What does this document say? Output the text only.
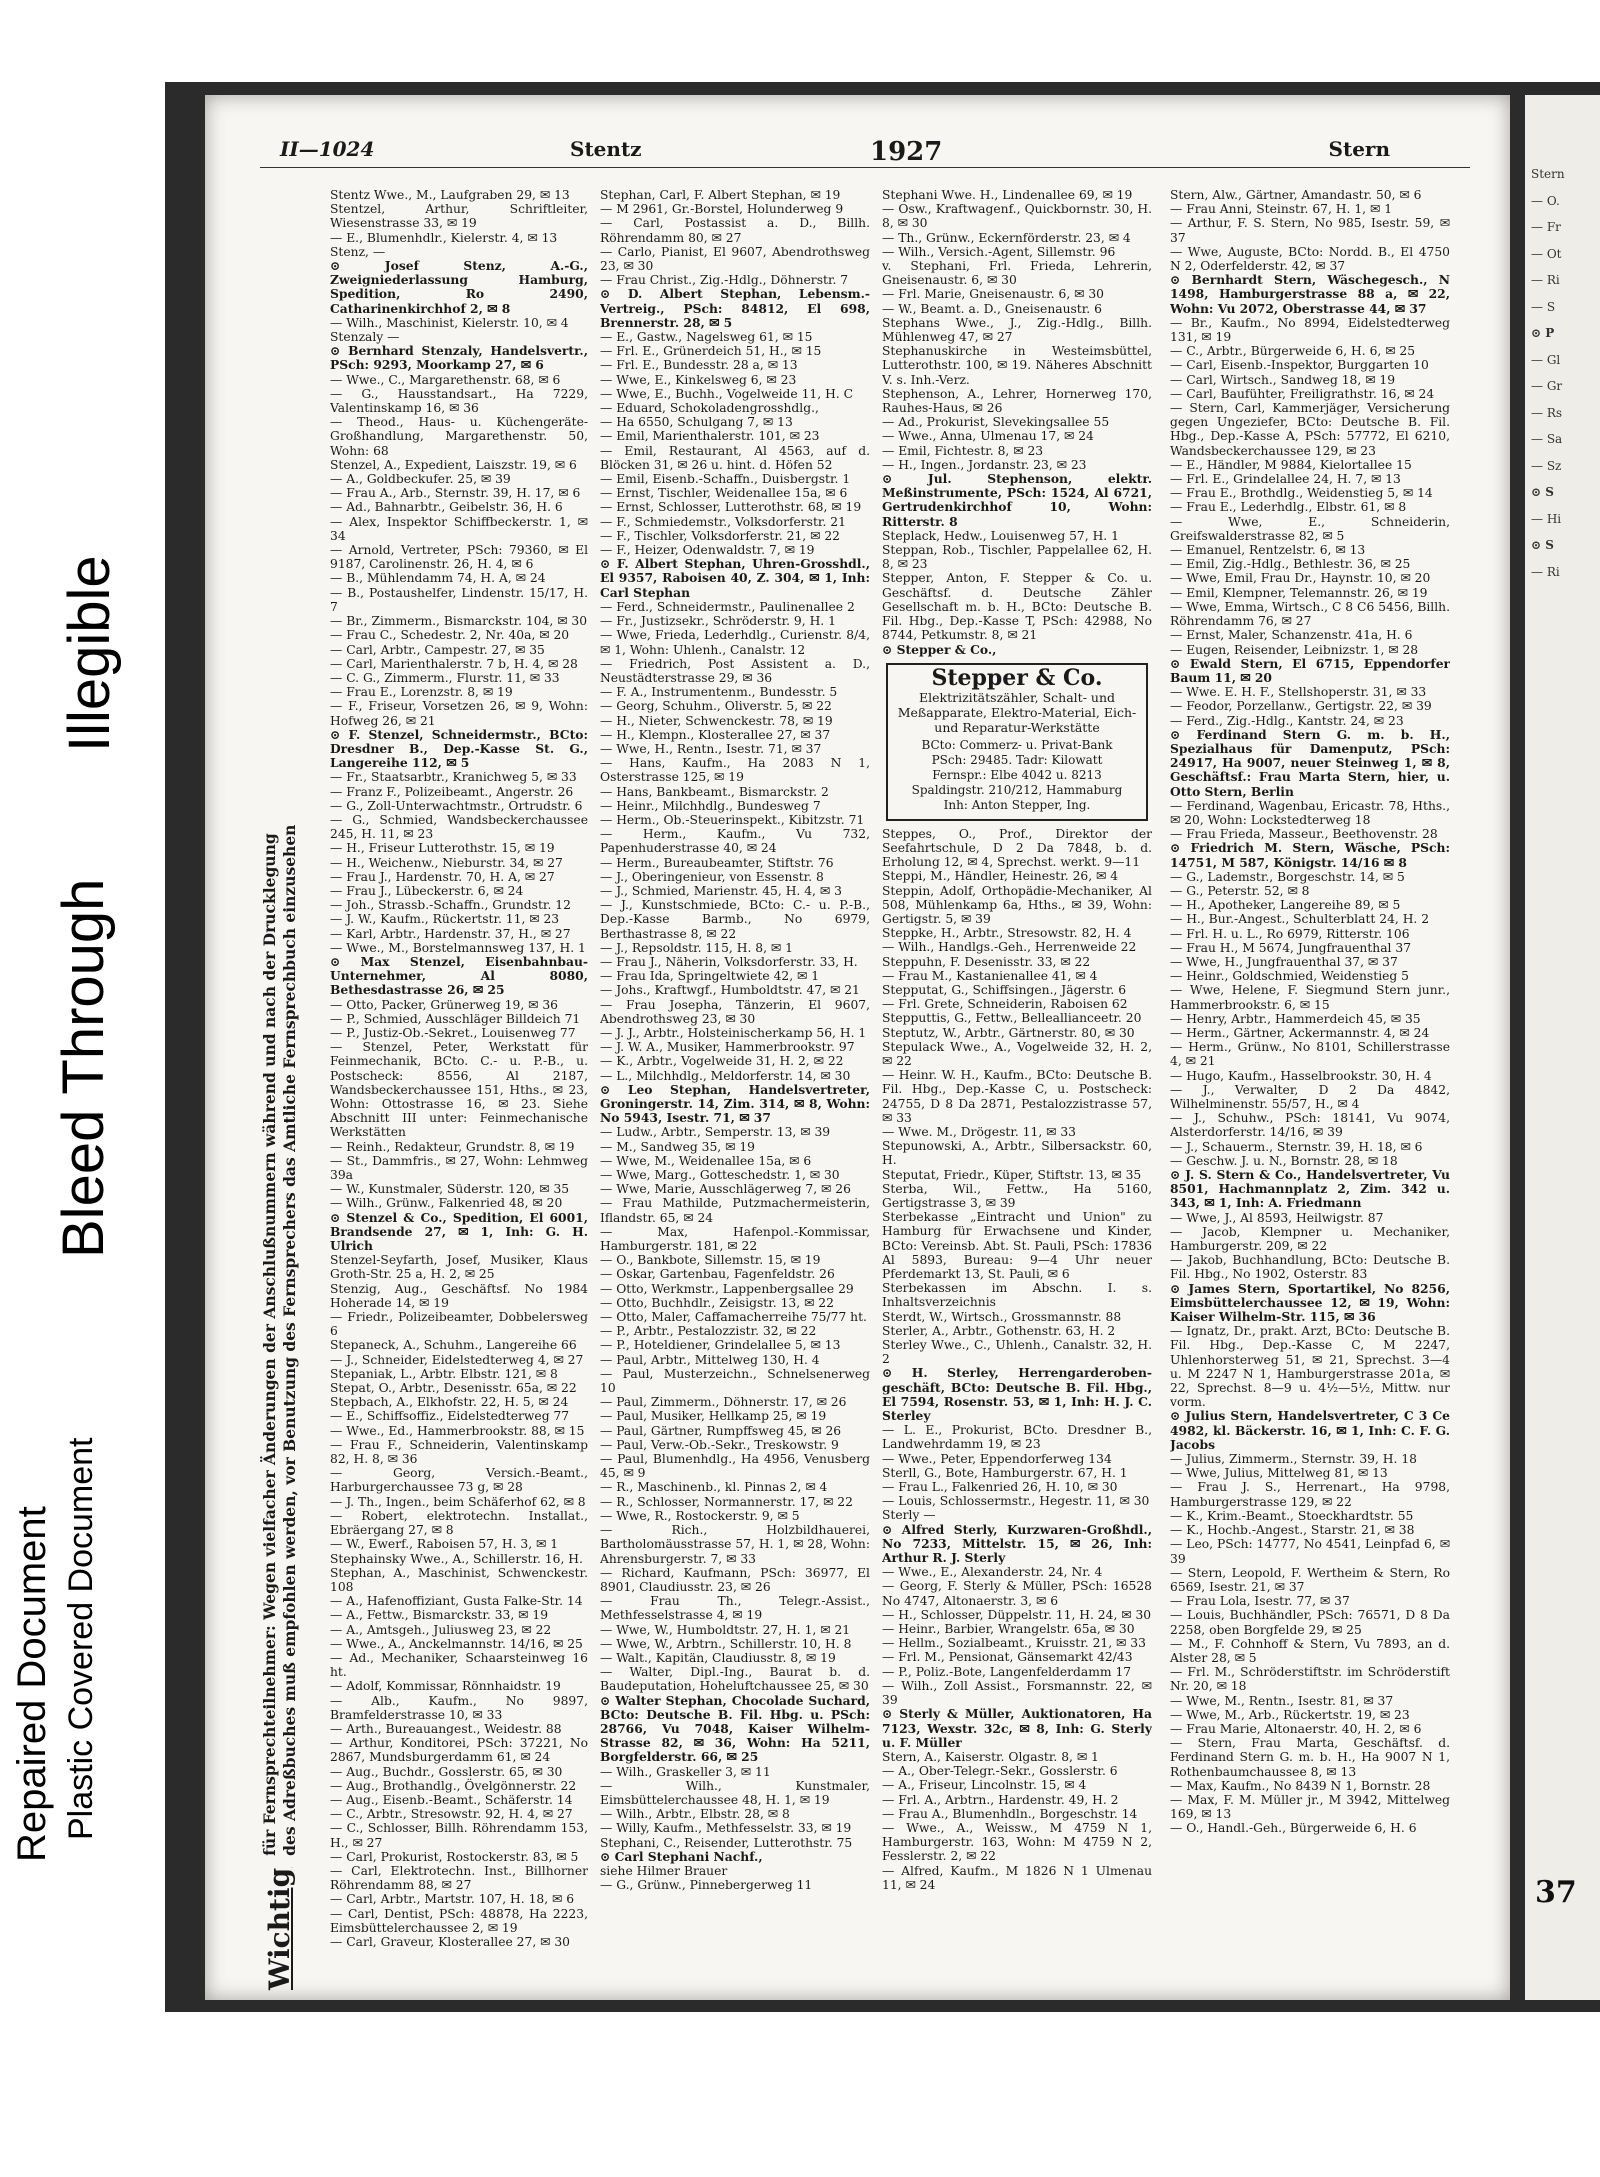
Repaired Document Plastic Covered Document
Bleed Through
Illegible
II—1024	Stentz	1927	Stern
Wichtigfür Fernsprechteilnehmer: Wegen vielfacher Änderungen der Anschlußnummern während und nach der Drucklegung
des Adreßbuches muß empfohlen werden, vor Benutzung des Fernsprechers das Amtliche Fernsprechbuch einzusehen

Stentz Wwe., M., Laufgraben 29, ✉ 13

Stentzel, Arthur, Schriftleiter, Wiesenstrasse 33, ✉ 19

— E., Blumenhdlr., Kielerstr. 4, ✉ 13

Stenz, —

⊙ Josef Stenz, A.-G., Zweigniederlassung Hamburg, Spedition, Ro 2490, Catharinenkirchhof 2, ✉ 8

— Wilh., Maschinist, Kielerstr. 10, ✉ 4

Stenzaly —

⊙ Bernhard Stenzaly, Handelsvertr., PSch: 9293, Moorkamp 27, ✉ 6

— Wwe., C., Margarethenstr. 68, ✉ 6

— G., Hausstandsart., Ha 7229, Valentinskamp 16, ✉ 36

— Theod., Haus- u. Küchengeräte-Großhandlung, Margarethenstr. 50, Wohn: 68

Stenzel, A., Expedient, Laiszstr. 19, ✉ 6

— A., Goldbeckufer. 25, ✉ 39

— Frau A., Arb., Sternstr. 39, H. 17, ✉ 6

— Ad., Bahnarbtr., Geibelstr. 36, H. 6

— Alex, Inspektor Schiffbeckerstr. 1, ✉ 34

— Arnold, Vertreter, PSch: 79360, ✉ El 9187, Carolinenstr. 26, H. 4, ✉ 6

— B., Mühlendamm 74, H. A, ✉ 24

— B., Postaushelfer, Lindenstr. 15/17, H. 7

— Br., Zimmerm., Bismarckstr. 104, ✉ 30

— Frau C., Schedestr. 2, Nr. 40a, ✉ 20

— Carl, Arbtr., Campestr. 27, ✉ 35

— Carl, Marienthalerstr. 7 b, H. 4, ✉ 28

— C. G., Zimmerm., Flurstr. 11, ✉ 33

— Frau E., Lorenzstr. 8, ✉ 19

— F., Friseur, Vorsetzen 26, ✉ 9, Wohn: Hofweg 26, ✉ 21

⊙ F. Stenzel, Schneidermstr., BCto: Dresdner B., Dep.-Kasse St. G., Langereihe 112, ✉ 5

— Fr., Staatsarbtr., Kranichweg 5, ✉ 33

— Franz F., Polizeibeamt., Angerstr. 26

— G., Zoll-Unterwachtmstr., Ortrudstr. 6

— G., Schmied, Wandsbeckerchaussee 245, H. 11, ✉ 23

— H., Friseur Lutterothstr. 15, ✉ 19

— H., Weichenw., Nieburstr. 34, ✉ 27

— Frau J., Hardenstr. 70, H. A, ✉ 27

— Frau J., Lübeckerstr. 6, ✉ 24

— Joh., Strassb.-Schaffn., Grundstr. 12

— J. W., Kaufm., Rückertstr. 11, ✉ 23

— Karl, Arbtr., Hardenstr. 37, H., ✉ 27

— Wwe., M., Borstelmannsweg 137, H. 1

⊙ Max Stenzel, Eisenbahnbau-Unternehmer, Al 8080, Bethesdastrasse 26, ✉ 25

— Otto, Packer, Grünerweg 19, ✉ 36

— P., Schmied, Ausschläger Billdeich 71

— P., Justiz-Ob.-Sekret., Louisenweg 77

— Stenzel, Peter, Werkstatt für Feinmechanik, BCto. C.- u. P.-B., u. Postscheck: 8556, Al 2187, Wandsbeckerchaussee 151, Hths., ✉ 23, Wohn: Ottostrasse 16, ✉ 23. Siehe Abschnitt III unter: Feinmechanische Werkstätten

— Reinh., Redakteur, Grundstr. 8, ✉ 19

— St., Dammfris., ✉ 27, Wohn: Lehmweg 39a

— W., Kunstmaler, Süderstr. 120, ✉ 35

— Wilh., Grünw., Falkenried 48, ✉ 20

⊙ Stenzel & Co., Spedition, El 6001, Brandsende 27, ✉ 1, Inh: G. H. Ulrich

Stenzel-Seyfarth, Josef, Musiker, Klaus Groth-Str. 25 a, H. 2, ✉ 25

Stenzig, Aug., Geschäftsf. No 1984 Hoherade 14, ✉ 19

— Friedr., Polizeibeamter, Dobbelersweg 6

Stepaneck, A., Schuhm., Langereihe 66

— J., Schneider, Eidelstedterweg 4, ✉ 27

Stepaniak, L., Arbtr. Elbstr. 121, ✉ 8

Stepat, O., Arbtr., Desenisstr. 65a, ✉ 22

Stepbach, A., Elkhofstr. 22, H. 5, ✉ 24

— E., Schiffsoffiz., Eidelstedterweg 77

— Wwe., Ed., Hammerbrookstr. 88, ✉ 15

— Frau F., Schneiderin, Valentinskamp 82, H. 8, ✉ 36

— Georg, Versich.-Beamt., Harburgerchaussee 73 g, ✉ 28

— J. Th., Ingen., beim Schäferhof 62, ✉ 8

— Robert, elektrotechn. Installat., Ebräergang 27, ✉ 8

— W., Ewerf., Raboisen 57, H. 3, ✉ 1

Stephainsky Wwe., A., Schillerstr. 16, H.

Stephan, A., Maschinist, Schwenckestr. 108

— A., Hafenoffiziant, Gusta Falke-Str. 14

— A., Fettw., Bismarckstr. 33, ✉ 19

— A., Amtsgeh., Juliusweg 23, ✉ 22

— Wwe., A., Anckelmannstr. 14/16, ✉ 25

— Ad., Mechaniker, Schaarsteinweg 16 ht.

— Adolf, Kommissar, Rönnhaidstr. 19

— Alb., Kaufm., No 9897, Bramfelderstrasse 10, ✉ 33

— Arth., Bureauangest., Weidestr. 88

— Arthur, Konditorei, PSch: 37221, No 2867, Mundsburgerdamm 61, ✉ 24

— Aug., Buchdr., Gosslerstr. 65, ✉ 30

— Aug., Brothandlg., Övelgönnerstr. 22

— Aug., Eisenb.-Beamt., Schäferstr. 14

— C., Arbtr., Stresowstr. 92, H. 4, ✉ 27

— C., Schlosser, Billh. Röhrendamm 153, H., ✉ 27

— Carl, Prokurist, Rostockerstr. 83, ✉ 5

— Carl, Elektrotechn. Inst., Billhorner Röhrendamm 88, ✉ 27

— Carl, Arbtr., Martstr. 107, H. 18, ✉ 6

— Carl, Dentist, PSch: 48878, Ha 2223, Eimsbüttelerchaussee 2, ✉ 19

— Carl, Graveur, Klosterallee 27, ✉ 30

Stephan, Carl, F. Albert Stephan, ✉ 19

— M 2961, Gr.-Borstel, Holunderweg 9

— Carl, Postassist a. D., Billh. Röhrendamm 80, ✉ 27

— Carlo, Pianist, El 9607, Abendrothsweg 23, ✉ 30

— Frau Christ., Zig.-Hdlg., Döhnerstr. 7

⊙ D. Albert Stephan, Lebensm.-Vertreig., PSch: 84812, El 698, Brennerstr. 28, ✉ 5

— E., Gastw., Nagelsweg 61, ✉ 15

— Frl. E., Grünerdeich 51, H., ✉ 15

— Frl. E., Bundesstr. 28 a, ✉ 13

— Wwe, E., Kinkelsweg 6, ✉ 23

— Wwe, E., Buchh., Vogelweide 11, H. C

— Eduard, Schokoladengrosshdlg.,

— Ha 6550, Schulgang 7, ✉ 13

— Emil, Marienthalerstr. 101, ✉ 23

— Emil, Restaurant, Al 4563, auf d. Blöcken 31, ✉ 26 u. hint. d. Höfen 52

— Emil, Eisenb.-Schaffn., Duisbergstr. 1

— Ernst, Tischler, Weidenallee 15a, ✉ 6

— Ernst, Schlosser, Lutterothstr. 68, ✉ 19

— F., Schmiedemstr., Volksdorferstr. 21

— F., Tischler, Volksdorferstr. 21, ✉ 22

— F., Heizer, Odenwaldstr. 7, ✉ 19

⊙ F. Albert Stephan, Uhren-Grosshdl., El 9357, Raboisen 40, Z. 304, ✉ 1, Inh: Carl Stephan

— Ferd., Schneidermstr., Paulinenallee 2

— Fr., Justizsekr., Schröderstr. 9, H. 1

— Wwe, Frieda, Lederhdlg., Curienstr. 8/4, ✉ 1, Wohn: Uhlenh., Canalstr. 12

— Friedrich, Post Assistent a. D., Neustädterstrasse 29, ✉ 36

— F. A., Instrumentenm., Bundesstr. 5

— Georg, Schuhm., Oliverstr. 5, ✉ 22

— H., Nieter, Schwenckestr. 78, ✉ 19

— H., Klempn., Klosterallee 27, ✉ 37

— Wwe, H., Rentn., Isestr. 71, ✉ 37

— Hans, Kaufm., Ha 2083 N 1, Osterstrasse 125, ✉ 19

— Hans, Bankbeamt., Bismarckstr. 2

— Heinr., Milchhdlg., Bundesweg 7

— Herm., Ob.-Steuerinspekt., Kibitzstr. 71

— Herm., Kaufm., Vu 732, Papenhuderstrasse 40, ✉ 24

— Herm., Bureaubeamter, Stiftstr. 76

— J., Oberingenieur, von Essenstr. 8

— J., Schmied, Marienstr. 45, H. 4, ✉ 3

— J., Kunstschmiede, BCto: C.- u. P.-B., Dep.-Kasse Barmb., No 6979, Berthastrasse 8, ✉ 22

— J., Repsoldstr. 115, H. 8, ✉ 1

— Frau J., Näherin, Volksdorferstr. 33, H.

— Frau Ida, Springeltwiete 42, ✉ 1

— Johs., Kraftwgf., Humboldtstr. 47, ✉ 21

— Frau Josepha, Tänzerin, El 9607, Abendrothsweg 23, ✉ 30

— J. J., Arbtr., Holsteinischerkamp 56, H. 1

— J. W. A., Musiker, Hammerbrookstr. 97

— K., Arbtr., Vogelweide 31, H. 2, ✉ 22

— L., Milchhdlg., Meldorferstr. 14, ✉ 30

⊙ Leo Stephan, Handelsvertreter, Groningerstr. 14, Zim. 314, ✉ 8, Wohn: No 5943, Isestr. 71, ✉ 37

— Ludw., Arbtr., Semperstr. 13, ✉ 39

— M., Sandweg 35, ✉ 19

— Wwe, M., Weidenallee 15a, ✉ 6

— Wwe, Marg., Gotteschedstr. 1, ✉ 30

— Wwe, Marie, Ausschlägerweg 7, ✉ 26

— Frau Mathilde, Putzmachermeisterin, Iflandstr. 65, ✉ 24

— Max, Hafenpol.-Kommissar, Hamburgerstr. 181, ✉ 22

— O., Bankbote, Sillemstr. 15, ✉ 19

— Oskar, Gartenbau, Fagenfeldstr. 26

— Otto, Werkmstr., Lappenbergsallee 29

— Otto, Buchhdlr., Zeisigstr. 13, ✉ 22

— Otto, Maler, Caffamacherreihe 75/77 ht.

— P., Arbtr., Pestalozzistr. 32, ✉ 22

— P., Hoteldiener, Grindelallee 5, ✉ 13

— Paul, Arbtr., Mittelweg 130, H. 4

— Paul, Musterzeichn., Schnelsenerweg 10

— Paul, Zimmerm., Döhnerstr. 17, ✉ 26

— Paul, Musiker, Hellkamp 25, ✉ 19

— Paul, Gärtner, Rumpffsweg 45, ✉ 26

— Paul, Verw.-Ob.-Sekr., Treskowstr. 9

— Paul, Blumenhdlg., Ha 4956, Venusberg 45, ✉ 9

— R., Maschinenb., kl. Pinnas 2, ✉ 4

— R., Schlosser, Normannerstr. 17, ✉ 22

— Wwe, R., Rostockerstr. 9, ✉ 5

— Rich., Holzbildhauerei, Bartholomäusstrasse 57, H. 1, ✉ 28, Wohn: Ahrensburgerstr. 7, ✉ 33

— Richard, Kaufmann, PSch: 36977, El 8901, Claudiusstr. 23, ✉ 26

— Frau Th., Telegr.-Assist., Methfesselstrasse 4, ✉ 19

— Wwe, W., Humboldtstr. 27, H. 1, ✉ 21

— Wwe, W., Arbtrn., Schillerstr. 10, H. 8

— Walt., Kapitän, Claudiusstr. 8, ✉ 19

— Walter, Dipl.-Ing., Baurat b. d. Baudeputation, Hoheluftchaussee 25, ✉ 30

⊙ Walter Stephan, Chocolade Suchard, BCto: Deutsche B. Fil. Hbg. u. PSch: 28766, Vu 7048, Kaiser Wilhelm-Strasse 82, ✉ 36, Wohn: Ha 5211, Borgfelderstr. 66, ✉ 25

— Wilh., Graskeller 3, ✉ 11

— Wilh., Kunstmaler, Eimsbüttelerchaussee 48, H. 1, ✉ 19

— Wilh., Arbtr., Elbstr. 28, ✉ 8

— Willy, Kaufm., Methfesselstr. 33, ✉ 19

Stephani, C., Reisender, Lutterothstr. 75

⊙ Carl Stephani Nachf.,

siehe Hilmer Brauer

— G., Grünw., Pinnebergerweg 11

Stephani Wwe. H., Lindenallee 69, ✉ 19

— Osw., Kraftwagenf., Quickbornstr. 30, H. 8, ✉ 30

— Th., Grünw., Eckernförderstr. 23, ✉ 4

— Wilh., Versich.-Agent, Sillemstr. 96

v. Stephani, Frl. Frieda, Lehrerin, Gneisenaustr. 6, ✉ 30

— Frl. Marie, Gneisenaustr. 6, ✉ 30

— W., Beamt. a. D., Gneisenaustr. 6

Stephans Wwe., J., Zig.-Hdlg., Billh. Mühlenweg 47, ✉ 27

Stephanuskirche in Westeimsbüttel, Lutterothstr. 100, ✉ 19. Näheres Abschnitt V. s. Inh.-Verz.

Stephenson, A., Lehrer, Hornerweg 170, Rauhes-Haus, ✉ 26

— Ad., Prokurist, Slevekingsallee 55

— Wwe., Anna, Ulmenau 17, ✉ 24

— Emil, Fichtestr. 8, ✉ 23

— H., Ingen., Jordanstr. 23, ✉ 23

⊙ Jul. Stephenson, elektr. Meßinstrumente, PSch: 1524, Al 6721, Gertrudenkirchhof 10, Wohn: Ritterstr. 8

Steplack, Hedw., Louisenweg 57, H. 1

Steppan, Rob., Tischler, Pappelallee 62, H. 8, ✉ 23

Stepper, Anton, F. Stepper & Co. u. Geschäftsf. d. Deutsche Zähler Gesellschaft m. b. H., BCto: Deutsche B. Fil. Hbg., Dep.-Kasse T, PSch: 42988, No 8744, Petkumstr. 8, ✉ 21

⊙ Stepper & Co.,

Stepper & Co.
Elektrizitätszähler, Schalt- und Meßapparate, Elektro-Material, Eich- und Reparatur-Werkstätte
BCto: Commerz- u. Privat-Bank
PSch: 29485. Tadr: Kilowatt
Fernspr.: Elbe 4042 u. 8213
Spaldingstr. 210/212, Hammaburg
Inh: Anton Stepper, Ing.

Steppes, O., Prof., Direktor der Seefahrtschule, D 2 Da 7848, b. d. Erholung 12, ✉ 4, Sprechst. werkt. 9—11

Steppi, M., Händler, Heinestr. 26, ✉ 4

Steppin, Adolf, Orthopädie-Mechaniker, Al 508, Mühlenkamp 6a, Hths., ✉ 39, Wohn: Gertigstr. 5, ✉ 39

Steppke, H., Arbtr., Stresowstr. 82, H. 4

— Wilh., Handlgs.-Geh., Herrenweide 22

Steppuhn, F. Desenisstr. 33, ✉ 22

— Frau M., Kastanienallee 41, ✉ 4

Stepputat, G., Schiffsingen., Jägerstr. 6

— Frl. Grete, Schneiderin, Raboisen 62

Stepputtis, G., Fettw., Belleallianceetr. 20

Steptutz, W., Arbtr., Gärtnerstr. 80, ✉ 30

Stepulack Wwe., A., Vogelweide 32, H. 2, ✉ 22

— Heinr. W. H., Kaufm., BCto: Deutsche B. Fil. Hbg., Dep.-Kasse C, u. Postscheck: 24755, D 8 Da 2871, Pestalozzistrasse 57, ✉ 33

— Wwe. M., Drögestr. 11, ✉ 33

Stepunowski, A., Arbtr., Silbersackstr. 60, H.

Steputat, Friedr., Küper, Stiftstr. 13, ✉ 35

Sterba, Wil., Fettw., Ha 5160, Gertigstrasse 3, ✉ 39

Sterbekasse „Eintracht und Union" zu Hamburg für Erwachsene und Kinder, BCto: Vereinsb. Abt. St. Pauli, PSch: 17836 Al 5893, Bureau: 9—4 Uhr neuer Pferdemarkt 13, St. Pauli, ✉ 6

Sterbekassen im Abschn. I. s. Inhaltsverzeichnis

Sterdt, W., Wirtsch., Grossmannstr. 88

Sterler, A., Arbtr., Gothenstr. 63, H. 2

Sterley Wwe., C., Uhlenh., Canalstr. 32, H. 2

⊙ H. Sterley, Herrengarderoben-geschäft, BCto: Deutsche B. Fil. Hbg., El 7594, Rosenstr. 53, ✉ 1, Inh: H. J. C. Sterley

— L. E., Prokurist, BCto. Dresdner B., Landwehrdamm 19, ✉ 23

— Wwe., Peter, Eppendorferweg 134

Sterll, G., Bote, Hamburgerstr. 67, H. 1

— Frau L., Falkenried 26, H. 10, ✉ 30

— Louis, Schlossermstr., Hegestr. 11, ✉ 30

Sterly —

⊙ Alfred Sterly, Kurzwaren-Großhdl., No 7233, Mittelstr. 15, ✉ 26, Inh: Arthur R. J. Sterly

— Wwe., E., Alexanderstr. 24, Nr. 4

— Georg, F. Sterly & Müller, PSch: 16528 No 4747, Altonaerstr. 3, ✉ 6

— H., Schlosser, Düppelstr. 11, H. 24, ✉ 30

— Heinr., Barbier, Wrangelstr. 65a, ✉ 30

— Hellm., Sozialbeamt., Kruisstr. 21, ✉ 33

— Frl. M., Pensionat, Gänsemarkt 42/43

— P., Poliz.-Bote, Langenfelderdamm 17

— Wilh., Zoll Assist., Forsmannstr. 22, ✉ 39

⊙ Sterly & Müller, Auktionatoren, Ha 7123, Wexstr. 32c, ✉ 8, Inh: G. Sterly u. F. Müller

Stern, A., Kaiserstr. Olgastr. 8, ✉ 1

— A., Ober-Telegr.-Sekr., Gosslerstr. 6

— A., Friseur, Lincolnstr. 15, ✉ 4

— Frl. A., Arbtrn., Hardenstr. 49, H. 2

— Frau A., Blumenhdln., Borgeschstr. 14

— Wwe., A., Weissw., M 4759 N 1, Hamburgerstr. 163, Wohn: M 4759 N 2, Fesslerstr. 2, ✉ 22

— Alfred, Kaufm., M 1826 N 1 Ulmenau 11, ✉ 24

Stern, Alw., Gärtner, Amandastr. 50, ✉ 6

— Frau Anni, Steinstr. 67, H. 1, ✉ 1

— Arthur, F. S. Stern, No 985, Isestr. 59, ✉ 37

— Wwe, Auguste, BCto: Nordd. B., El 4750 N 2, Oderfelderstr. 42, ✉ 37

⊙ Bernhardt Stern, Wäschegesch., N 1498, Hamburgerstrasse 88 a, ✉ 22, Wohn: Vu 2072, Oberstrasse 44, ✉ 37

— Br., Kaufm., No 8994, Eidelstedterweg 131, ✉ 19

— C., Arbtr., Bürgerweide 6, H. 6, ✉ 25

— Carl, Eisenb.-Inspektor, Burggarten 10

— Carl, Wirtsch., Sandweg 18, ✉ 19

— Carl, Baufühter, Freiligrathstr. 16, ✉ 24

— Stern, Carl, Kammerjäger, Versicherung gegen Ungeziefer, BCto: Deutsche B. Fil. Hbg., Dep.-Kasse A, PSch: 57772, El 6210, Wandsbeckerchaussee 129, ✉ 23

— E., Händler, M 9884, Kielortallee 15

— Frl. E., Grindelallee 24, H. 7, ✉ 13

— Frau E., Brothdlg., Weidenstieg 5, ✉ 14

— Frau E., Lederhdlg., Elbstr. 61, ✉ 8

— Wwe, E., Schneiderin, Greifswalderstrasse 82, ✉ 5

— Emanuel, Rentzelstr. 6, ✉ 13

— Emil, Zig.-Hdlg., Bethlestr. 36, ✉ 25

— Wwe, Emil, Frau Dr., Haynstr. 10, ✉ 20

— Emil, Klempner, Telemannstr. 26, ✉ 19

— Wwe, Emma, Wirtsch., C 8 C6 5456, Billh. Röhrendamm 76, ✉ 27

— Ernst, Maler, Schanzenstr. 41a, H. 6

— Eugen, Reisender, Leibnizstr. 1, ✉ 28

⊙ Ewald Stern, El 6715, Eppendorfer Baum 11, ✉ 20

— Wwe. E. H. F., Stellshoperstr. 31, ✉ 33

— Feodor, Porzellanw., Gertigstr. 22, ✉ 39

— Ferd., Zig.-Hdlg., Kantstr. 24, ✉ 23

⊙ Ferdinand Stern G. m. b. H., Spezialhaus für Damenputz, PSch: 24917, Ha 9007, neuer Steinweg 1, ✉ 8, Geschäftsf.: Frau Marta Stern, hier, u. Otto Stern, Berlin

— Ferdinand, Wagenbau, Ericastr. 78, Hths., ✉ 20, Wohn: Lockstedterweg 18

— Frau Frieda, Masseur., Beethovenstr. 28

⊙ Friedrich M. Stern, Wäsche, PSch: 14751, M 587, Königstr. 14/16 ✉ 8

— G., Lademstr., Borgeschstr. 14, ✉ 5

— G., Peterstr. 52, ✉ 8

— H., Apotheker, Langereihe 89, ✉ 5

— H., Bur.-Angest., Schulterblatt 24, H. 2

— Frl. H. u. L., Ro 6979, Ritterstr. 106

— Frau H., M 5674, Jungfrauenthal 37

— Wwe, H., Jungfrauenthal 37, ✉ 37

— Heinr., Goldschmied, Weidenstieg 5

— Wwe, Helene, F. Siegmund Stern junr., Hammerbrookstr. 6, ✉ 15

— Henry, Arbtr., Hammerdeich 45, ✉ 35

— Herm., Gärtner, Ackermannstr. 4, ✉ 24

— Herm., Grünw., No 8101, Schillerstrasse 4, ✉ 21

— Hugo, Kaufm., Hasselbrookstr. 30, H. 4

— J., Verwalter, D 2 Da 4842, Wilhelminenstr. 55/57, H., ✉ 4

— J., Schuhw., PSch: 18141, Vu 9074, Alsterdorferstr. 14/16, ✉ 39

— J., Schauerm., Sternstr. 39, H. 18, ✉ 6

— Geschw. J. u. N., Bornstr. 28, ✉ 18

⊙ J. S. Stern & Co., Handelsvertreter, Vu 8501, Hachmannplatz 2, Zim. 342 u. 343, ✉ 1, Inh: A. Friedmann

— Wwe, J., Al 8593, Heilwigstr. 87

— Jacob, Klempner u. Mechaniker, Hamburgerstr. 209, ✉ 22

— Jakob, Buchhandlung, BCto: Deutsche B. Fil. Hbg., No 1902, Osterstr. 83

⊙ James Stern, Sportartikel, No 8256, Eimsbüttelerchaussee 12, ✉ 19, Wohn: Kaiser Wilhelm-Str. 115, ✉ 36

— Ignatz, Dr., prakt. Arzt, BCto: Deutsche B. Fil. Hbg., Dep.-Kasse C, M 2247, Uhlenhorsterweg 51, ✉ 21, Sprechst. 3—4 u. M 2247 N 1, Hamburgerstrasse 201a, ✉ 22, Sprechst. 8—9 u. 4½—5½, Mittw. nur vorm.

⊙ Julius Stern, Handelsvertreter, C 3 Ce 4982, kl. Bäckerstr. 16, ✉ 1, Inh: C. F. G. Jacobs

— Julius, Zimmerm., Sternstr. 39, H. 18

— Wwe, Julius, Mittelweg 81, ✉ 13

— Frau J. S., Herrenart., Ha 9798, Hamburgerstrasse 129, ✉ 22

— K., Krim.-Beamt., Stoeckhardtstr. 55

— K., Hochb.-Angest., Starstr. 21, ✉ 38

— Leo, PSch: 14777, No 4541, Leinpfad 6, ✉ 39

— Stern, Leopold, F. Wertheim & Stern, Ro 6569, Isestr. 21, ✉ 37

— Frau Lola, Isestr. 77, ✉ 37

— Louis, Buchhändler, PSch: 76571, D 8 Da 2258, oben Borgfelde 29, ✉ 25

— M., F. Cohnhoff & Stern, Vu 7893, an d. Alster 28, ✉ 5

— Frl. M., Schröderstiftstr. im Schröderstift Nr. 20, ✉ 18

— Wwe, M., Rentn., Isestr. 81, ✉ 37

— Wwe, M., Arb., Rückertstr. 19, ✉ 23

— Frau Marie, Altonaerstr. 40, H. 2, ✉ 6

— Stern, Frau Marta, Geschäftsf. d. Ferdinand Stern G. m. b. H., Ha 9007 N 1, Rothenbaumchaussee 8, ✉ 13

— Max, Kaufm., No 8439 N 1, Bornstr. 28

— Max, F. M. Müller jr., M 3942, Mittelweg 169, ✉ 13

— O., Handl.-Geh., Bürgerweide 6, H. 6

Stern

— O.

— Fr

— Ot

— Ri

— S

⊙ P

— Gl

— Gr

— Rs

— Sa

— Sz

⊙ S

— Hi

⊙ S

— Ri

37
